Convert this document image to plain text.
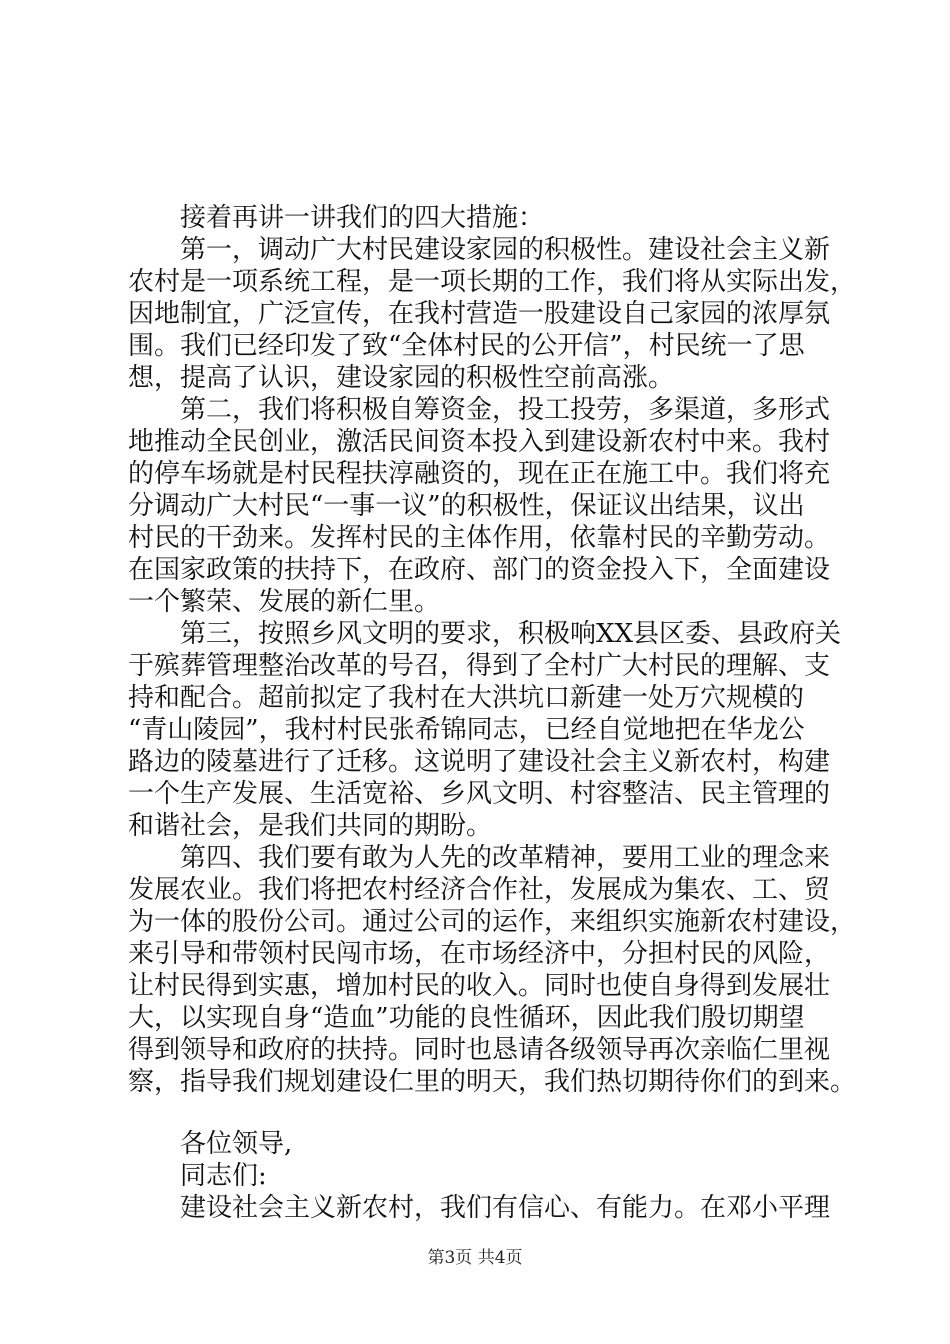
接着再讲一讲我们的四大措施：
第一，调动广大村民建设家园的积极性。建设社会主义新
农村是一项系统工程，是一项长期的工作，我们将从实际出发，
因地制宜，广泛宣传，在我村营造一股建设自己家园的浓厚氛
围。我们已经印发了致“全体村民的公开信”，村民统一了思
想，提高了认识，建设家园的积极性空前高涨。
第二，我们将积极自筹资金，投工投劳，多渠道，多形式
地推动全民创业，激活民间资本投入到建设新农村中来。我村
的停车场就是村民程扶淳融资的，现在正在施工中。我们将充
分调动广大村民“一事一议”的积极性，保证议出结果，议出
村民的干劲来。发挥村民的主体作用，依靠村民的辛勤劳动。
在国家政策的扶持下，在政府、部门的资金投入下，全面建设
一个繁荣、发展的新仁里。
第三，按照乡风文明的要求，积极响XX县区委、县政府关
于殡葬管理整治改革的号召，得到了全村广大村民的理解、支
持和配合。超前拟定了我村在大洪坑口新建一处万穴规模的
“青山陵园”，我村村民张希锦同志，已经自觉地把在华龙公
路边的陵墓进行了迁移。这说明了建设社会主义新农村，构建
一个生产发展、生活宽裕、乡风文明、村容整洁、民主管理的
和谐社会，是我们共同的期盼。
第四、我们要有敢为人先的改革精神，要用工业的理念来
发展农业。我们将把农村经济合作社，发展成为集农、工、贸
为一体的股份公司。通过公司的运作，来组织实施新农村建设，
来引导和带领村民闯市场，在市场经济中，分担村民的风险，
让村民得到实惠，增加村民的收入。同时也使自身得到发展壮
大，以实现自身“造血”功能的良性循环，因此我们殷切期望
得到领导和政府的扶持。同时也恳请各级领导再次亲临仁里视
察，指导我们规划建设仁里的明天，我们热切期待你们的到来。
各位领导,
同志们:
建设社会主义新农村，我们有信心、有能力。在邓小平理
第3页 共4页
